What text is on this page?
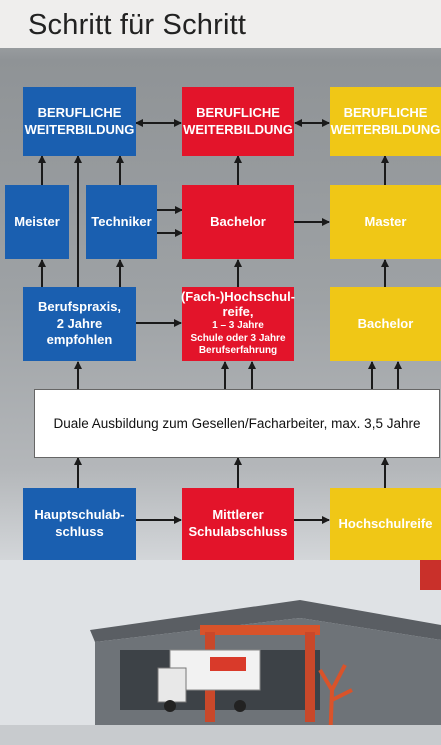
Schritt für Schritt
BERUFLICHE
WEITERBILDUNG
BERUFLICHE
WEITERBILDUNG
BERUFLICHE
WEITERBILDUNG
Meister	Techniker	Bachelor	Master
Berufspraxis,
2 Jahre empfohlen
(Fach-)Hochschul-
reife,
1 – 3 Jahre
Schule oder 3 Jahre
Berufserfahrung
Bachelor
Duale Ausbildung zum Gesellen/Facharbeiter, max. 3,5 Jahre
Hauptschulab-
schluss
Mittlerer
Schulabschluss
Hochschulreife
